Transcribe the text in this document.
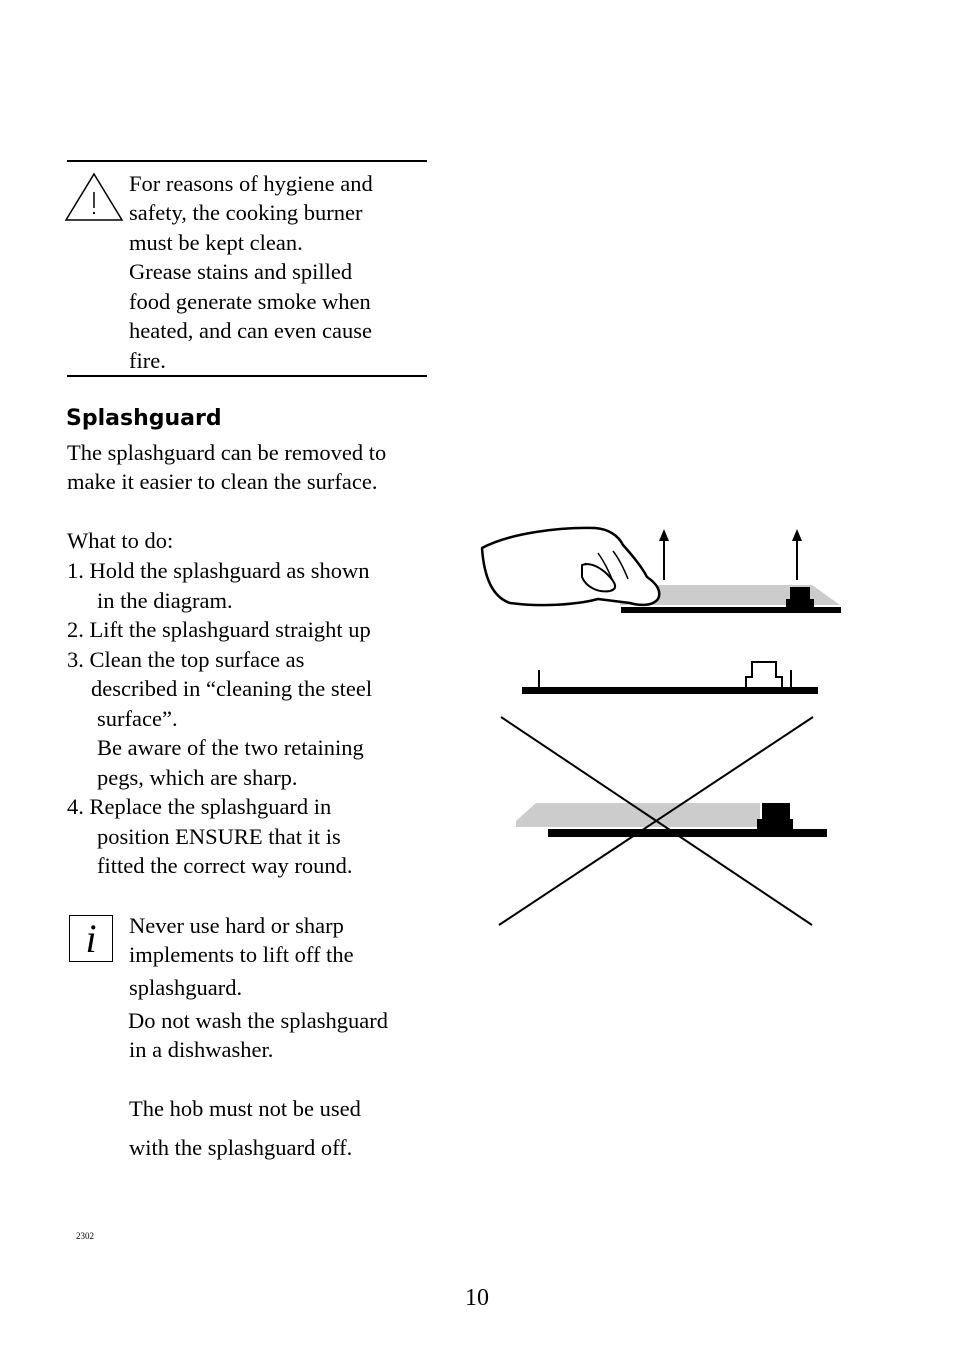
For reasons of hygiene and
safety, the cooking burner
must be kept clean.
Grease stains and spilled
food generate smoke when
heated, and can even cause
fire.
Splashguard
The splashguard can be removed to
make it easier to clean the surface.
What to do:
1. Hold the splashguard as shown
in the diagram.
2. Lift the splashguard straight up
3. Clean the top surface as
described in “cleaning the steel
surface”.
Be aware of the two retaining
pegs, which are sharp.
4. Replace the splashguard in
position ENSURE that it is
fitted the correct way round.
i Never use hard or sharp
implements to lift off the
splashguard.
Do not wash the splashguard
in a dishwasher.
The hob must not be used
with the splashguard off.
2302
10
